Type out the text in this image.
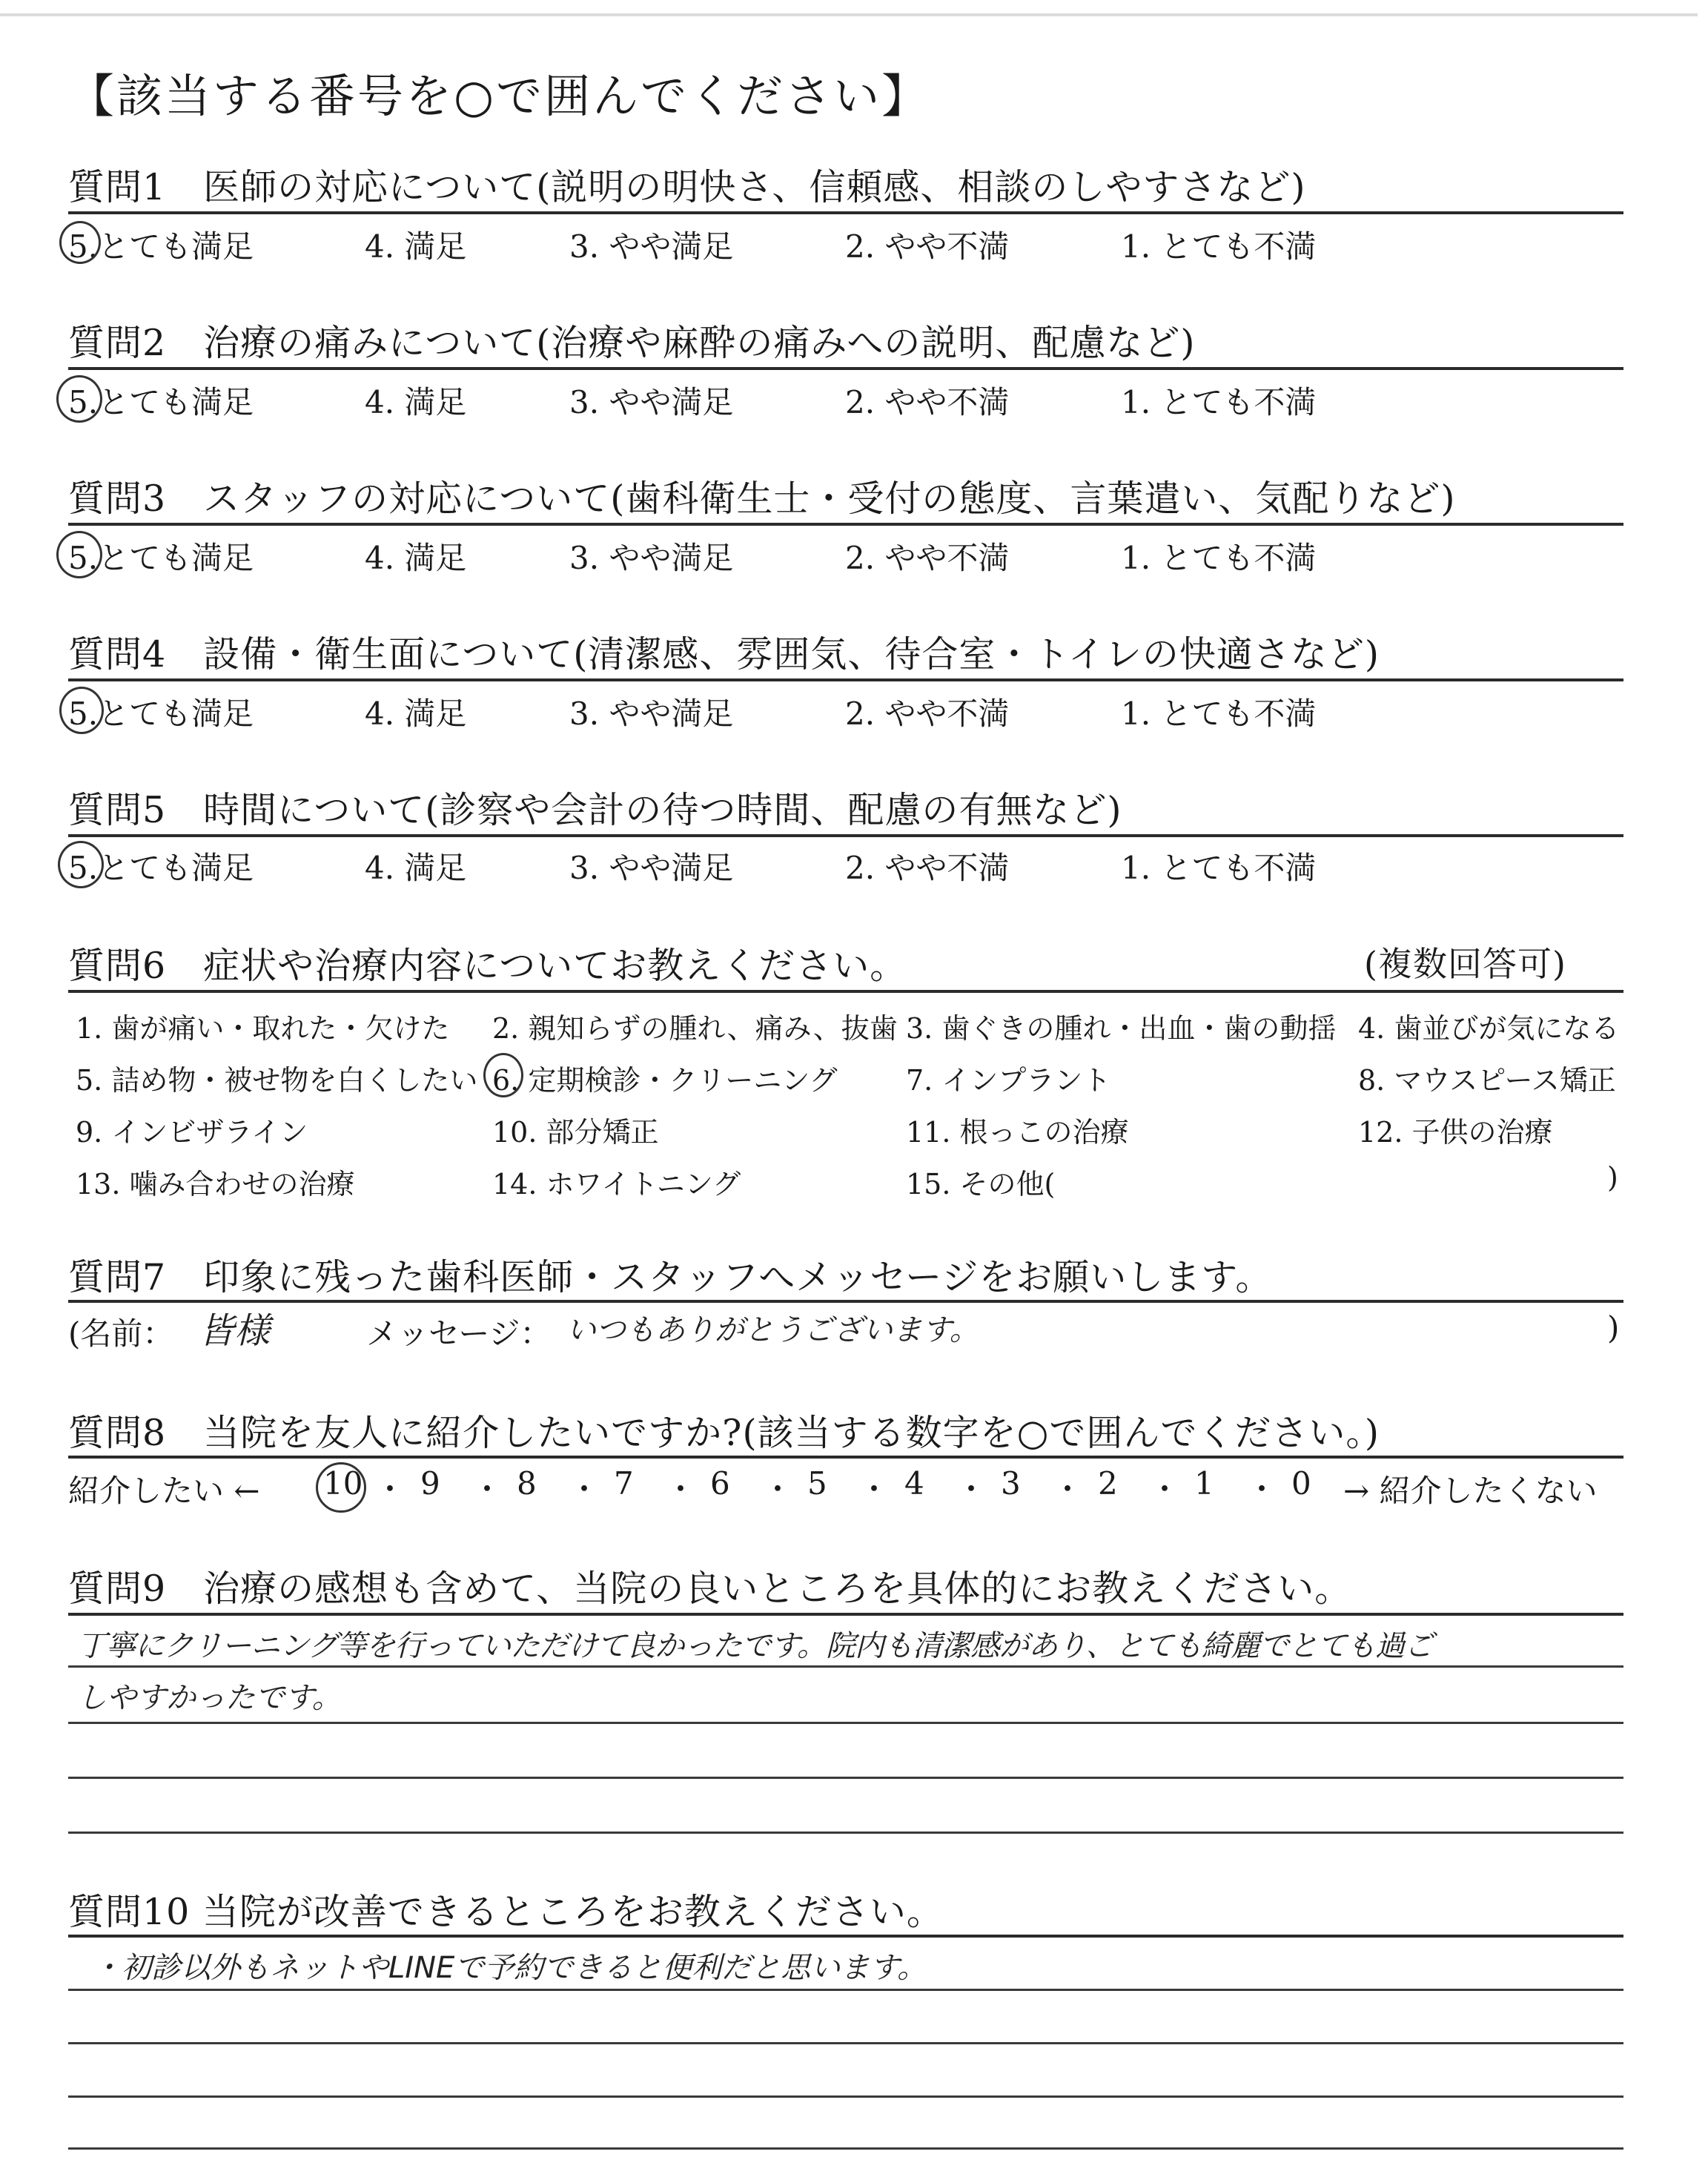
【該当する番号を○で囲んでください】
質問1　医師の対応について(説明の明快さ、信頼感、相談のしやすさなど)
5.とても満足	4. 満足	3. やや満足	2. やや不満	1. とても不満
質問2　治療の痛みについて(治療や麻酔の痛みへの説明、配慮など)
5.とても満足	4. 満足	3. やや満足	2. やや不満	1. とても不満
質問3　スタッフの対応について(歯科衛生士・受付の態度、言葉遣い、気配りなど)
5.とても満足	4. 満足	3. やや満足	2. やや不満	1. とても不満
質問4　設備・衛生面について(清潔感、雰囲気、待合室・トイレの快適さなど)
5.とても満足	4. 満足	3. やや満足	2. やや不満	1. とても不満
質問5　時間について(診察や会計の待つ時間、配慮の有無など)
5.とても満足	4. 満足	3. やや満足	2. やや不満	1. とても不満
質問6　症状や治療内容についてお教えください。	(複数回答可)
1. 歯が痛い・取れた・欠けた 2. 親知らずの腫れ、痛み、抜歯 3. 歯ぐきの腫れ・出血・歯の動揺 4. 歯並びが気になる
5. 詰め物・被せ物を白くしたい 6. 定期検診・クリーニング 7. インプラント	8. マウスピース矯正
9. インビザライン	10. 部分矯正	11. 根っこの治療	12. 子供の治療
13. 噛み合わせの治療	14. ホワイトニング	15. その他(	)
質問7　印象に残った歯科医師・スタッフへメッセージをお願いします。
(名前： 皆様	メッセージ： いつもありがとうございます。	)
質問8　当院を友人に紹介したいですか?(該当する数字を○で囲んでください。)
紹介したい ←	→ 紹介したくない
10 ・ 9 ・ 8 ・ 7 ・ 6 ・ 5 ・ 4 ・ 3 ・ 2 ・ 1 ・ 0
質問9　治療の感想も含めて、当院の良いところを具体的にお教えください。
丁寧にクリーニング等を行っていただけて良かったです。院内も清潔感があり、とても綺麗でとても過ご
しやすかったです。
質問10 当院が改善できるところをお教えください。
・初診以外もネットやLINEで予約できると便利だと思います。
